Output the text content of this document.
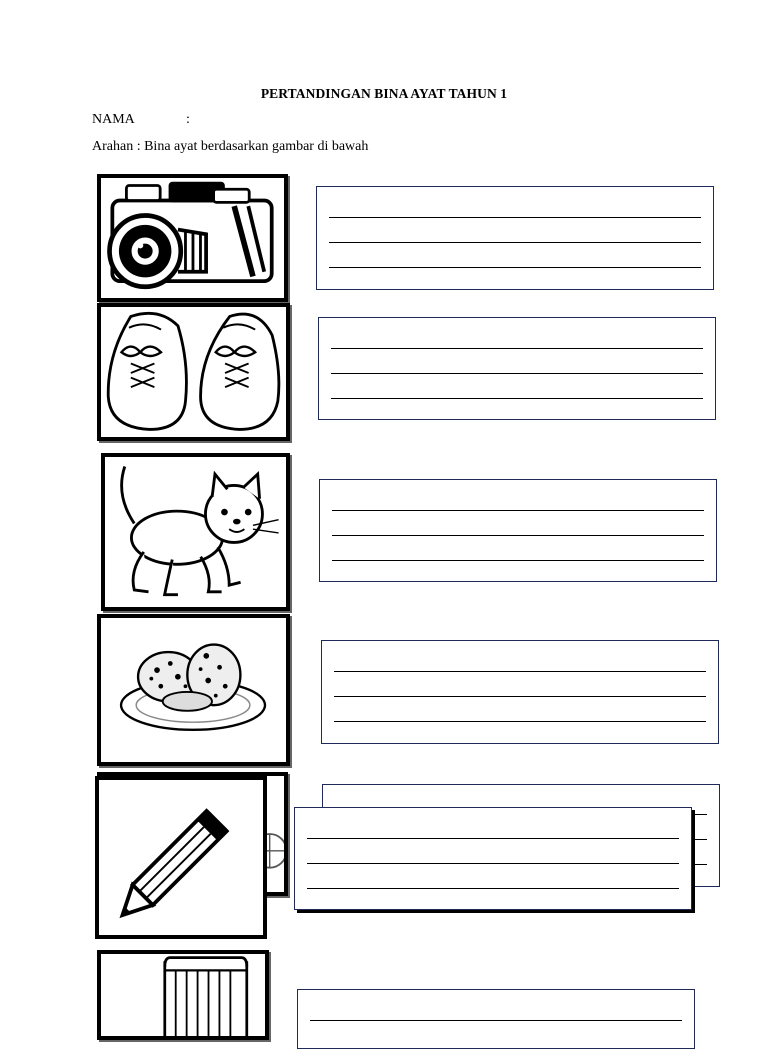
PERTANDINGAN BINA AYAT TAHUN 1
NAMA	:
Arahan : Bina ayat berdasarkan gambar di bawah
